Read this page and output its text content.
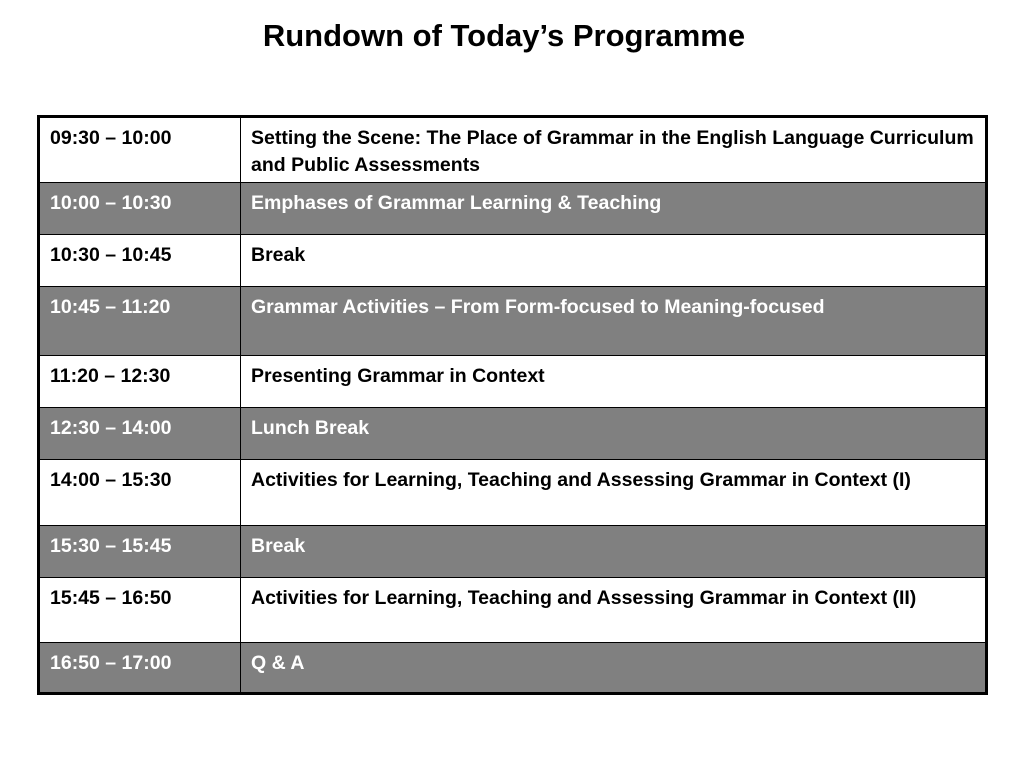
Rundown of Today’s Programme
09:30 – 10:00	Setting the Scene: The Place of Grammar in the English Language Curriculum and Public Assessments
10:00 – 10:30	Emphases of Grammar Learning & Teaching
10:30 – 10:45	Break
10:45 – 11:20	Grammar Activities – From Form-focused to Meaning-focused
11:20 – 12:30	Presenting Grammar in Context
12:30 – 14:00	Lunch Break
14:00 – 15:30	Activities for Learning, Teaching and Assessing Grammar in Context (I)
15:30 – 15:45	Break
15:45 – 16:50	Activities for Learning, Teaching and Assessing Grammar in Context (II)
16:50 – 17:00	Q & A
